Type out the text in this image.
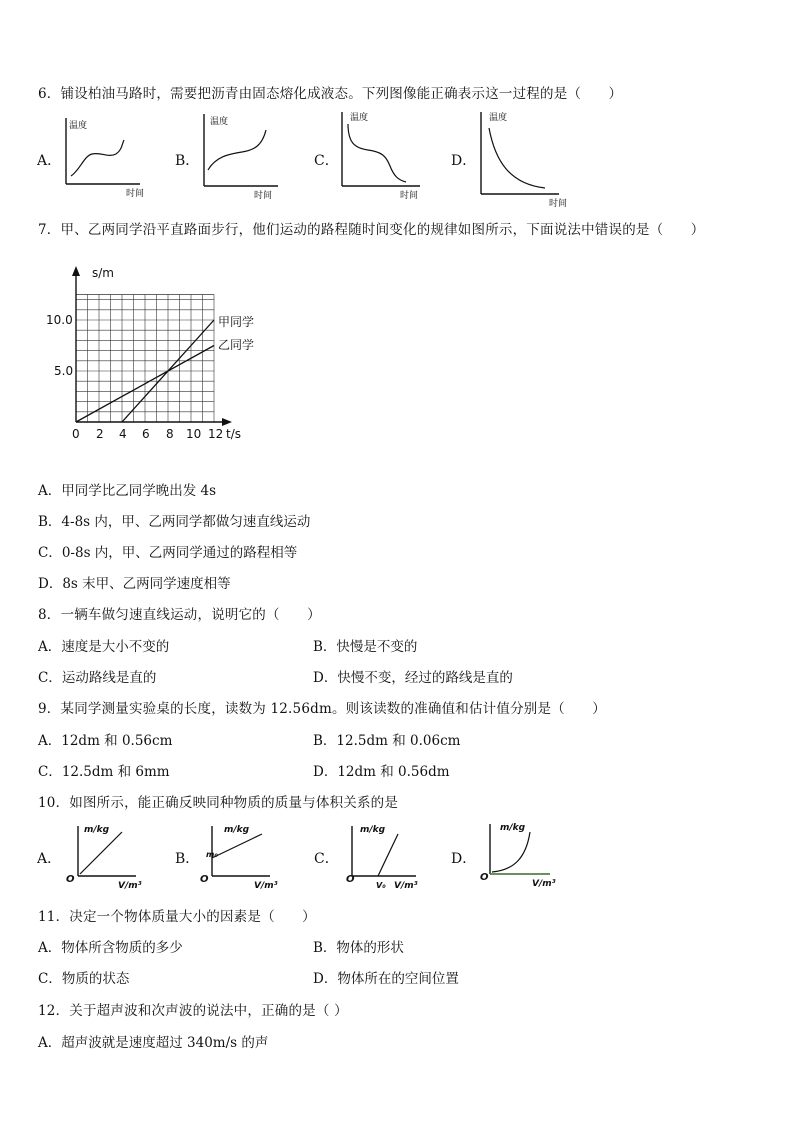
6．铺设柏油马路时，需要把沥青由固态熔化成液态。下列图像能正确表示这一过程的是（　　）
A．
温度
时间
B．
温度
时间
C．
温度
时间
D．
温度
时间
7．甲、乙两同学沿平直路面步行，他们运动的路程随时间变化的规律如图所示，下面说法中错误的是（　　）
s/m
10.0
5.0
0 2 4 6 8 10 12 t/s
甲同学
乙同学
A．甲同学比乙同学晚出发 4s
B．4-8s 内，甲、乙两同学都做匀速直线运动
C．0-8s 内，甲、乙两同学通过的路程相等
D．8s 末甲、乙两同学速度相等
8．一辆车做匀速直线运动，说明它的（　　）
A．速度是大小不变的	B．快慢是不变的
C．运动路线是直的	D．快慢不变，经过的路线是直的
9．某同学测量实验桌的长度，读数为 12.56dm。则该读数的准确值和估计值分别是（　　）
A．12dm 和 0.56cm	B．12.5dm 和 0.06cm
C．12.5dm 和 6mm	D．12dm 和 0.56dm
10．如图所示，能正确反映同种物质的质量与体积关系的是
A．
m/kg
V/m³
O
B．
m/kg
V/m³
O
m₀	C．
m/kg
V/m³
O
V₀
D．
m/kg
V/m³
O
11．决定一个物体质量大小的因素是（　　）
A．物体所含物质的多少	B．物体的形状
C．物质的状态	D．物体所在的空间位置
12．关于超声波和次声波的说法中，正确的是（ ）
A．超声波就是速度超过 340m/s 的声
